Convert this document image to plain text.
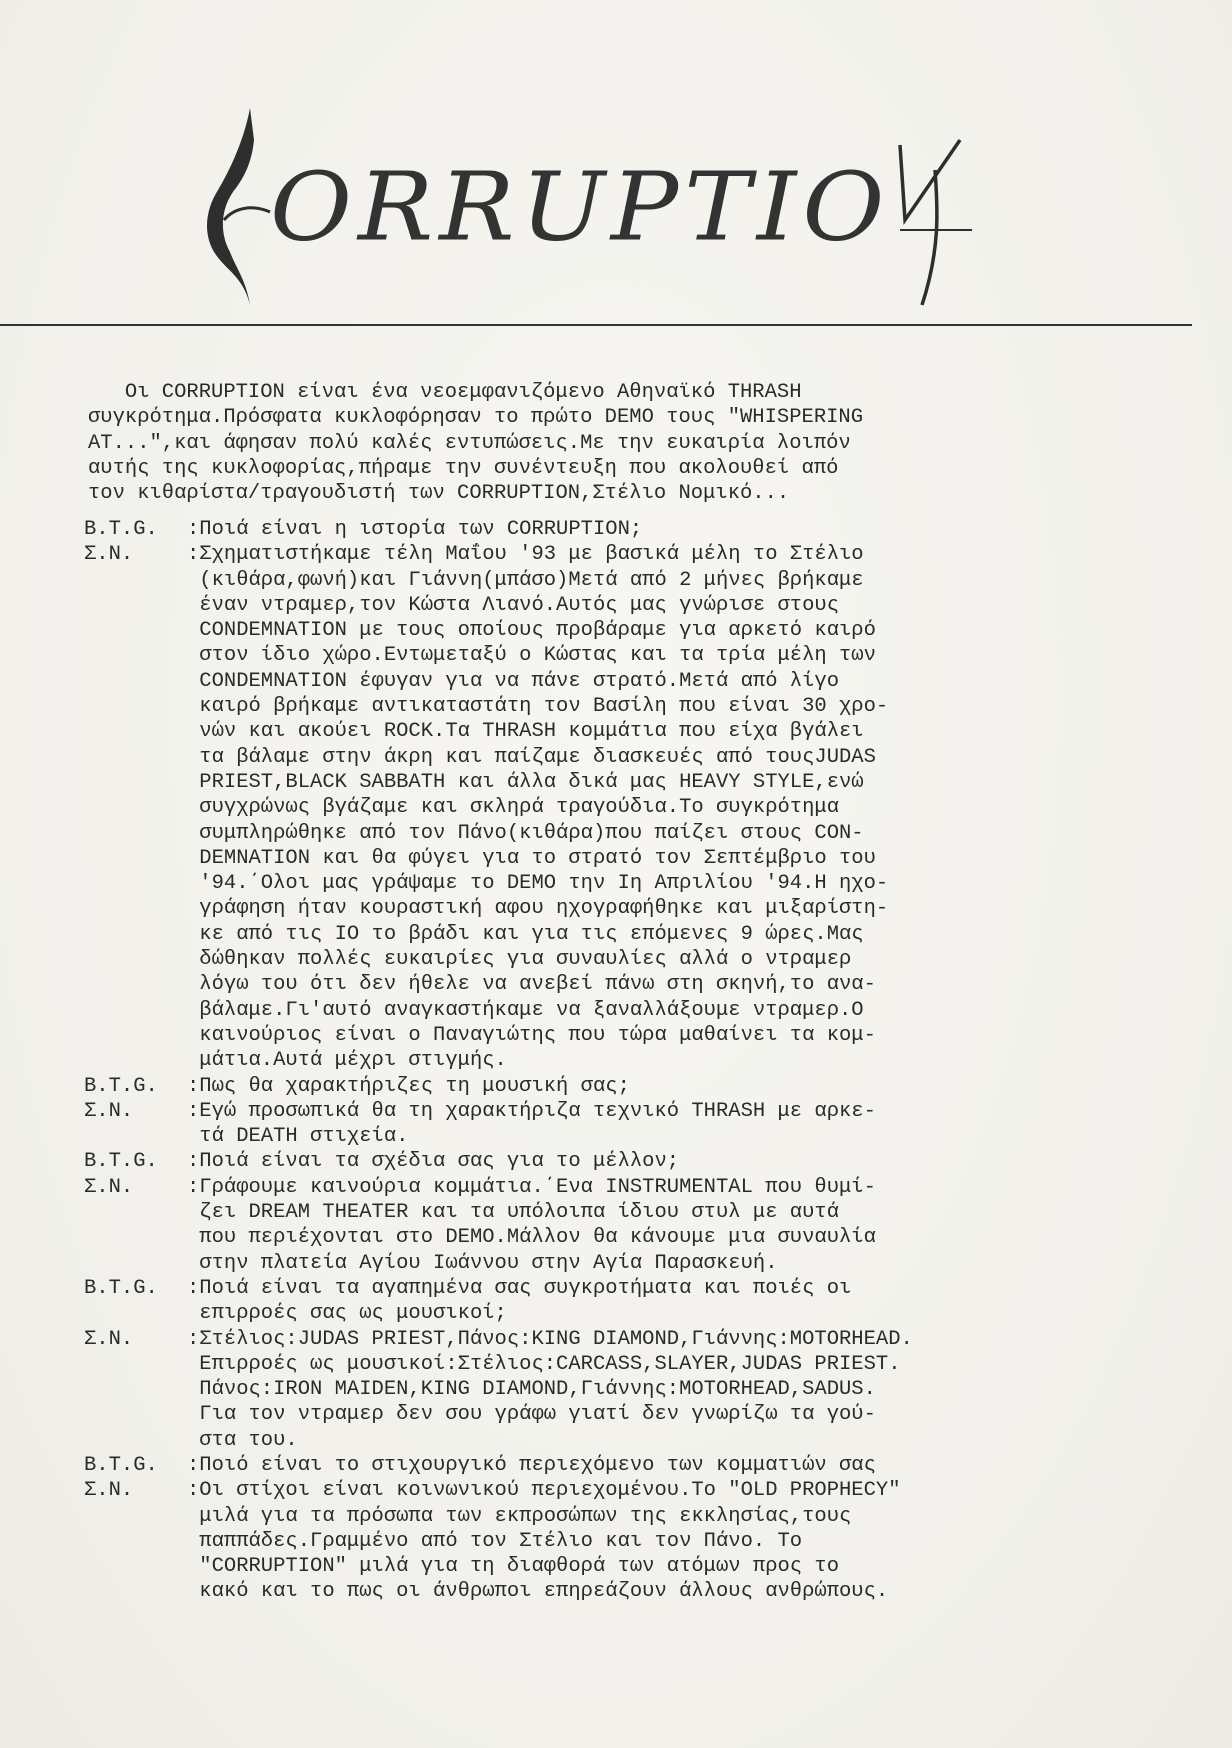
ORRUPTIO
Οι CORRUPTION είναι ένα νεοεμφανιζόμενο Αθηναϊκό THRASH
συγκρότημα.Πρόσφατα κυκλοφόρησαν το πρώτο DEMO τους "WHISPERING
AT...",και άφησαν πολύ καλές εντυπώσεις.Με την ευκαιρία λοιπόν
αυτής της κυκλοφορίας,πήραμε την συνέντευξη που ακολουθεί από
τον κιθαρίστα/τραγουδιστή των CORRUPTION,Στέλιο Νομικό...
B.T.G.	:Ποιά είναι η ιστορία των CORRUPTION;
Σ.Ν.	:Σχηματιστήκαμε τέλη Μαΐου '93 με βασικά μέλη το Στέλιο
(κιθάρα,φωνή)και Γιάννη(μπάσο)Μετά από 2 μήνες βρήκαμε
έναν ντραμερ,τον Κώστα Λιανό.Αυτός μας γνώρισε στους
CONDEMNATION με τους οποίους προβάραμε για αρκετό καιρό
στον ίδιο χώρο.Εντωμεταξύ ο Κώστας και τα τρία μέλη των
CONDEMNATION έφυγαν για να πάνε στρατό.Μετά από λίγο
καιρό βρήκαμε αντικαταστάτη τον Βασίλη που είναι 30 χρο-
νών και ακούει ROCK.Τα THRASH κομμάτια που είχα βγάλει
τα βάλαμε στην άκρη και παίζαμε διασκευές από τουςJUDAS
PRIEST,BLACK SABBATH και άλλα δικά μας HEAVY STYLE,ενώ
συγχρώνως βγάζαμε και σκληρά τραγούδια.Το συγκρότημα
συμπληρώθηκε από τον Πάνο(κιθάρα)που παίζει στους CON-
DEMNATION και θα φύγει για το στρατό τον Σεπτέμβριο του
'94.΄Ολοι μας γράψαμε το DEMO την Ιη Απριλίου '94.Η ηχο-
γράφηση ήταν κουραστική αφου ηχογραφήθηκε και μιξαρίστη-
κε από τις ΙΟ το βράδι και για τις επόμενες 9 ώρες.Μας
δώθηκαν πολλές ευκαιρίες για συναυλίες αλλά ο ντραμερ
λόγω του ότι δεν ήθελε να ανεβεί πάνω στη σκηνή,το ανα-
βάλαμε.Γι'αυτό αναγκαστήκαμε να ξαναλλάξουμε ντραμερ.Ο
καινούριος είναι ο Παναγιώτης που τώρα μαθαίνει τα κομ-
μάτια.Αυτά μέχρι στιγμής.
B.T.G.	:Πως θα χαρακτήριζες τη μουσική σας;
Σ.Ν.	:Εγώ προσωπικά θα τη χαρακτήριζα τεχνικό THRASH με αρκε-
τά DEATH στιχεία.
B.T.G.	:Ποιά είναι τα σχέδια σας για το μέλλον;
Σ.Ν.	:Γράφουμε καινούρια κομμάτια.΄Ενα INSTRUMENTAL που θυμί-
ζει DREAM THEATER και τα υπόλοιπα ίδιου στυλ με αυτά
που περιέχονται στο DEMO.Μάλλον θα κάνουμε μια συναυλία
στην πλατεία Αγίου Ιωάννου στην Αγία Παρασκευή.
B.T.G.	:Ποιά είναι τα αγαπημένα σας συγκροτήματα και ποιές οι
επιρροές σας ως μουσικοί;
Σ.Ν.	:Στέλιος:JUDAS PRIEST,Πάνος:KING DIAMOND,Γιάννης:MOTORHEAD.
Επιρροές ως μουσικοί:Στέλιος:CARCASS,SLAYER,JUDAS PRIEST.
Πάνος:IRON MAIDEN,KING DIAMOND,Γιάννης:MOTORHEAD,SADUS.
Για τον ντραμερ δεν σου γράφω γιατί δεν γνωρίζω τα γού-
στα του.
B.T.G.	:Ποιό είναι το στιχουργικό περιεχόμενο των κομματιών σας
Σ.Ν.	:Οι στίχοι είναι κοινωνικού περιεχομένου.Το "OLD PROPHECY"
μιλά για τα πρόσωπα των εκπροσώπων της εκκλησίας,τους
παππάδες.Γραμμένο από τον Στέλιο και τον Πάνο. Το
"CORRUPTION" μιλά για τη διαφθορά των ατόμων προς το
κακό και το πως οι άνθρωποι επηρεάζουν άλλους ανθρώπους.
